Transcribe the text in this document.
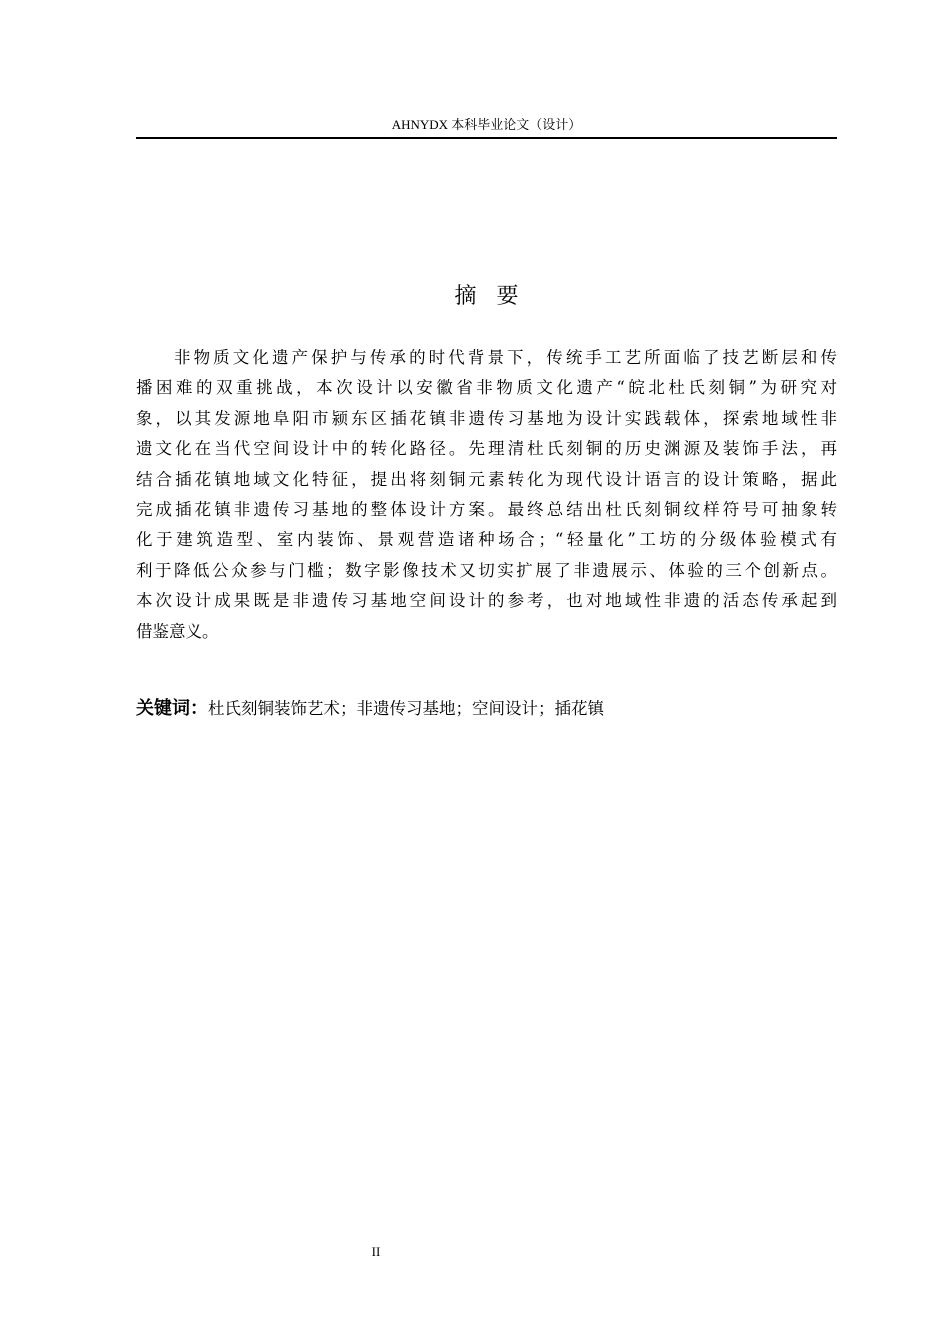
AHNYDX 本科毕业论文（设计）
摘要
非物质文化遗产保护与传承的时代背景下，传统手工艺所面临了技艺断层和传
播困难的双重挑战，本次设计以安徽省非物质文化遗产“皖北杜氏刻铜”为研究对
象，以其发源地阜阳市颍东区插花镇非遗传习基地为设计实践载体，探索地域性非
遗文化在当代空间设计中的转化路径。先理清杜氏刻铜的历史渊源及装饰手法，再
结合插花镇地域文化特征，提出将刻铜元素转化为现代设计语言的设计策略，据此
完成插花镇非遗传习基地的整体设计方案。最终总结出杜氏刻铜纹样符号可抽象转
化于建筑造型、室内装饰、景观营造诸种场合；“轻量化”工坊的分级体验模式有
利于降低公众参与门槛；数字影像技术又切实扩展了非遗展示、体验的三个创新点。
本次设计成果既是非遗传习基地空间设计的参考，也对地域性非遗的活态传承起到
借鉴意义。
关键词：杜氏刻铜装饰艺术；非遗传习基地；空间设计；插花镇
II
